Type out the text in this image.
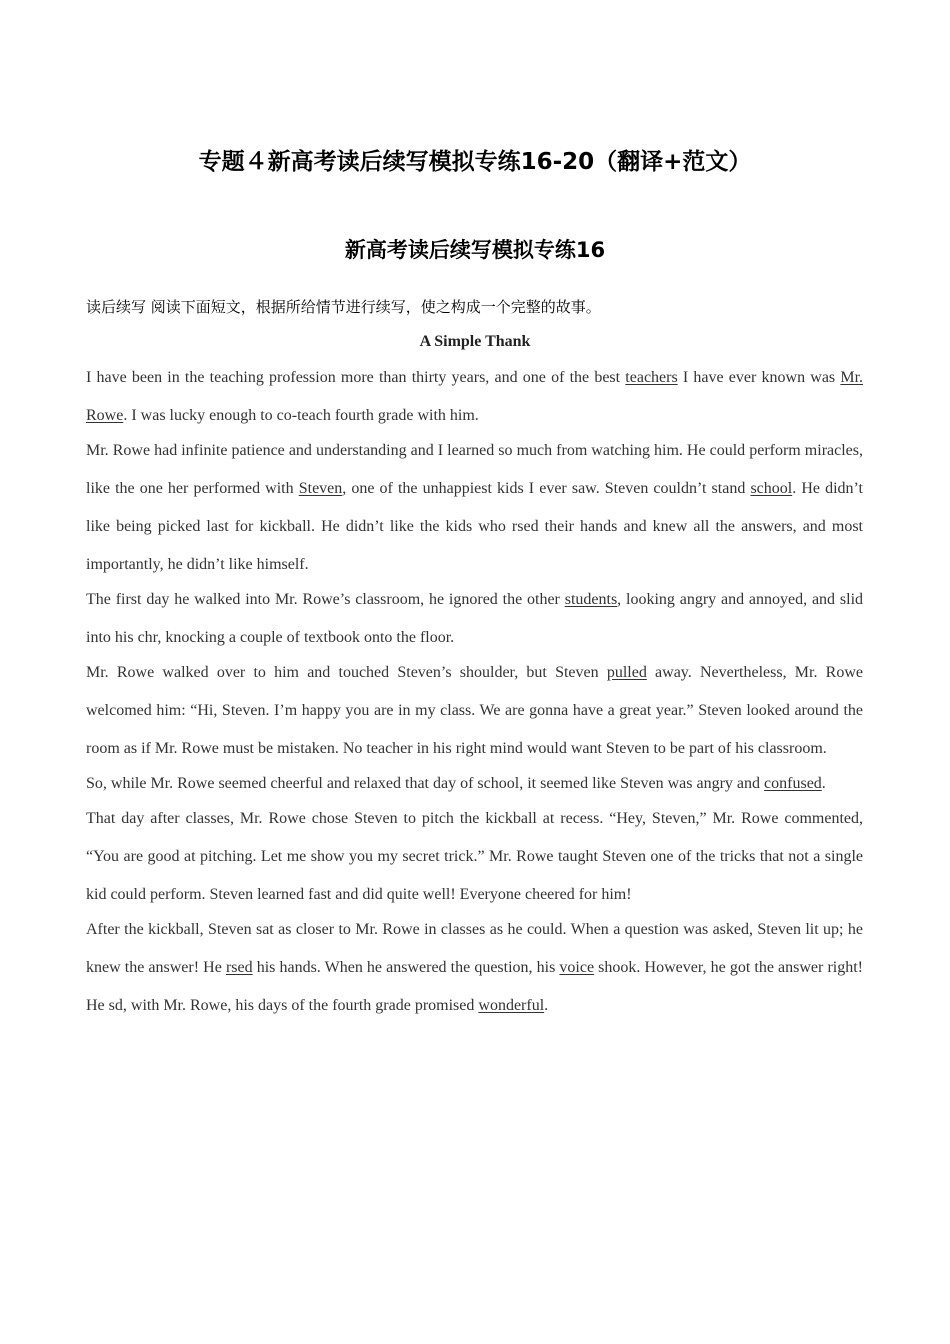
专题４新高考读后续写模拟专练16-20（翻译+范文）
新高考读后续写模拟专练16
读后续写 阅读下面短文，根据所给情节进行续写，使之构成一个完整的故事。
A Simple Thank

I have been in the teaching profession more than thirty years, and one of the best teachers I have ever known was Mr. Rowe. I was lucky enough to co-teach fourth grade with him.

Mr. Rowe had infinite patience and understanding and I learned so much from watching him. He could perform miracles, like the one her performed with Steven, one of the unhappiest kids I ever saw. Steven couldn’t stand school. He didn’t like being picked last for kickball. He didn’t like the kids who rsed their hands and knew all the answers, and most importantly, he didn’t like himself.

The first day he walked into Mr. Rowe’s classroom, he ignored the other students, looking angry and annoyed, and slid into his chr, knocking a couple of textbook onto the floor.

Mr. Rowe walked over to him and touched Steven’s shoulder, but Steven pulled away. Nevertheless, Mr. Rowe welcomed him: “Hi, Steven. I’m happy you are in my class. We are gonna have a great year.” Steven looked around the room as if Mr. Rowe must be mistaken. No teacher in his right mind would want Steven to be part of his classroom.

So, while Mr. Rowe seemed cheerful and relaxed that day of school, it seemed like Steven was angry and confused.

That day after classes, Mr. Rowe chose Steven to pitch the kickball at recess. “Hey, Steven,” Mr. Rowe commented, “You are good at pitching. Let me show you my secret trick.” Mr. Rowe taught Steven one of the tricks that not a single kid could perform. Steven learned fast and did quite well! Everyone cheered for him!

After the kickball, Steven sat as closer to Mr. Rowe in classes as he could. When a question was asked, Steven lit up; he knew the answer! He rsed his hands. When he answered the question, his voice shook. However, he got the answer right! He sd, with Mr. Rowe, his days of the fourth grade promised wonderful.
